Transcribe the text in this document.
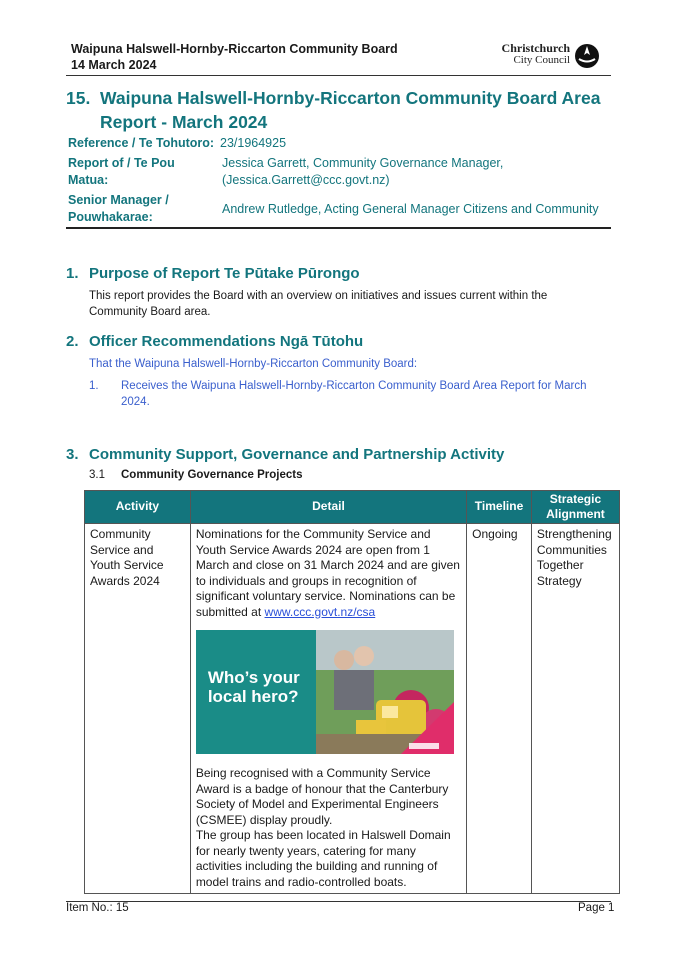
Waipuna Halswell-Hornby-Riccarton Community Board
14 March 2024
Christchurch
City Council
15. Waipuna Halswell-Hornby-Riccarton Community Board Area Report - March 2024
Reference / Te Tohutoro: 23/1964925
Report of / Te Pou
Matua:
Jessica Garrett, Community Governance Manager,
(Jessica.Garrett@ccc.govt.nz)
Senior Manager /
Pouwhakarae:
Andrew Rutledge, Acting General Manager Citizens and Community
1. Purpose of Report Te Pūtake Pūrongo
This report provides the Board with an overview on initiatives and issues current within the Community Board area.
2. Officer Recommendations Ngā Tūtohu
That the Waipuna Halswell-Hornby-Riccarton Community Board:
1.	Receives the Waipuna Halswell-Hornby-Riccarton Community Board Area Report for March 2024.
3. Community Support, Governance and Partnership Activity
3.1 Community Governance Projects
Activity	Detail	Timeline	Strategic Alignment
Community Service and Youth Service Awards 2024	Nominations for the Community Service and Youth Service Awards 2024 are open from 1 March and close on 31 March 2024 and are given to individuals and groups in recognition of significant voluntary service. Nominations can be submitted at www.ccc.govt.nz/csa
Who’s your local hero?
Being recognised with a Community Service Award is a badge of honour that the Canterbury Society of Model and Experimental Engineers (CSMEE) display proudly.
The group has been located in Halswell Domain for nearly twenty years, catering for many activities including the building and running of model trains and radio-controlled boats.	Ongoing	Strengthening Communities Together Strategy
Item No.: 15	Page 1
